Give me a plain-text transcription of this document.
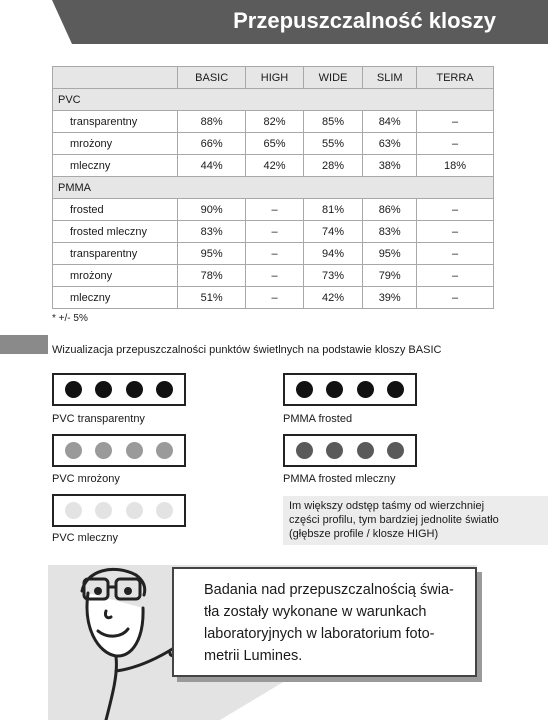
Przepuszczalność kloszy
	BASIC	HIGH	WIDE	SLIM	TERRA
PVC					
transparentny	88%	82%	85%	84%	–
mrożony	66%	65%	55%	63%	–
mleczny	44%	42%	28%	38%	18%
PMMA					
frosted	90%	–	81%	86%	–
frosted mleczny	83%	–	74%	83%	–
transparentny	95%	–	94%	95%	–
mrożony	78%	–	73%	79%	–
mleczny	51%	–	42%	39%	–
* +/- 5%
Wizualizacja przepuszczalności punktów świetlnych na podstawie kloszy BASIC
PVC transparentny
PVC mrożony
PVC mleczny
PMMA frosted
PMMA frosted mleczny
Im większy odstęp taśmy od wierzchniej
części profilu, tym bardziej jednolite światło
(głębsze profile / klosze HIGH)
Badania nad przepuszczalnością świa-
tła zostały wykonane w warunkach
laboratoryjnych w laboratorium foto-
metrii Lumines.
